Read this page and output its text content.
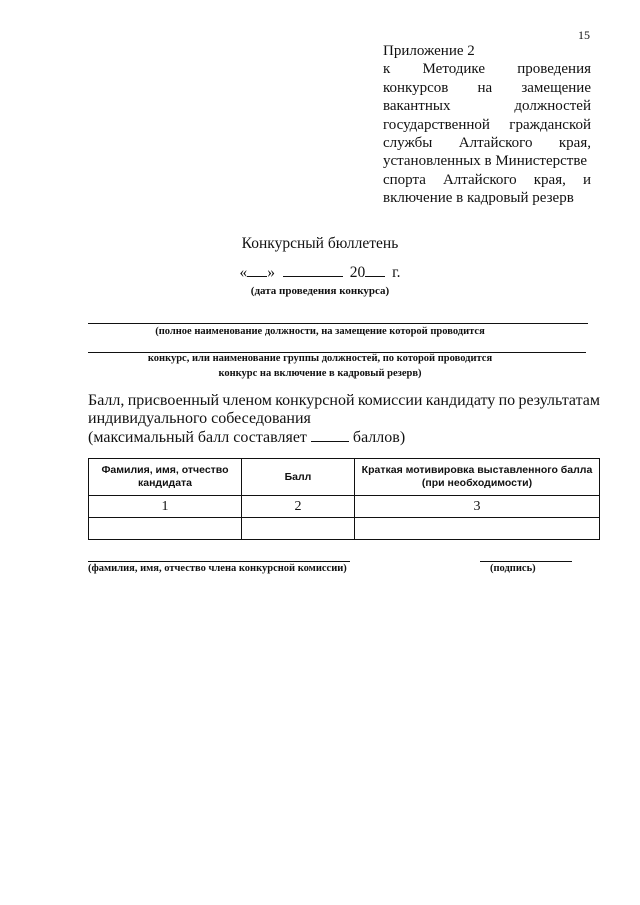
15
Приложение 2
к Методике проведения
конкурсов на замещение
вакантных	должностей
государственной гражданской
службы Алтайского края,
установленных в Министерстве
спорта Алтайского края, и
включение в кадровый резерв
Конкурсный бюллетень
« »	20 г.
(дата проведения конкурса)
(полное наименование должности, на замещение которой проводится
конкурс, или наименование группы должностей, по которой проводится
конкурс на включение в кадровый резерв)
Балл, присвоенный членом конкурсной комиссии кандидату по результатам
индивидуального собеседования
(максимальный балл составляет	баллов)
Фамилия, имя, отчество кандидата	Балл	Краткая мотивировка выставленного балла (при необходимости)
1	2	3

(фамилия, имя, отчество члена конкурсной комиссии)	(подпись)
